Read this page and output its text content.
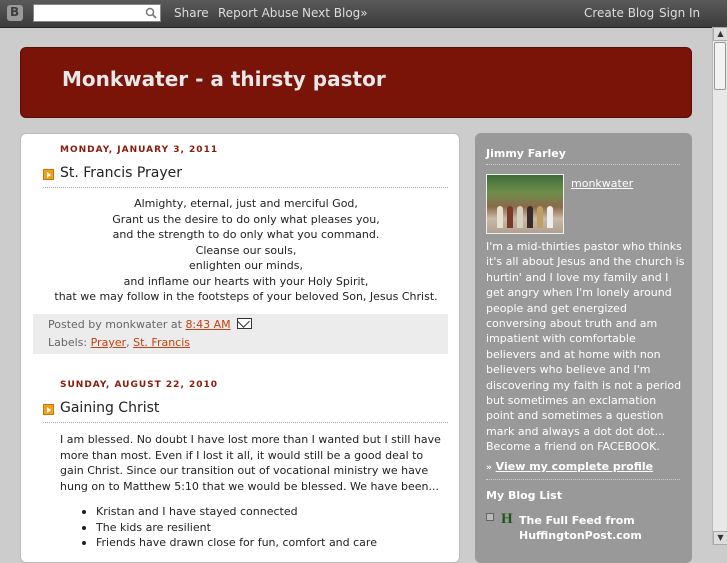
B	Share Report Abuse Next Blog»	Create Blog Sign In
▲
▼
Monkwater - a thirsty pastor
MONDAY, JANUARY 3, 2011
St. Francis Prayer
Almighty, eternal, just and merciful God,
Grant us the desire to do only what pleases you,
and the strength to do only what you command.
Cleanse our souls,
enlighten our minds,
and inflame our hearts with your Holy Spirit,
that we may follow in the footsteps of your beloved Son, Jesus Christ.
Posted by monkwater at 8:43 AM
Labels: Prayer, St. Francis
SUNDAY, AUGUST 22, 2010
Gaining Christ
I am blessed. No doubt I have lost more than I wanted but I still have more than most. Even if I lost it all, it would still be a good deal to gain Christ. Since our transition out of vocational ministry we have hung on to Matthew 5:10 that we would be blessed. We have been...
Kristan and I have stayed connected
The kids are resilient
Friends have drawn close for fun, comfort and care
Jimmy Farley
monkwater
I'm a mid-thirties pastor who thinks it's all about Jesus and the church is hurtin' and I love my family and I get angry when I'm lonely around people and get energized conversing about truth and am impatient with comfortable believers and at home with non believers who believe and I'm discovering my faith is not a period but sometimes an exclamation point and sometimes a question mark and always a dot dot dot... Become a friend on FACEBOOK.
» View my complete profile
My Blog List
H The Full Feed from HuffingtonPost.com
